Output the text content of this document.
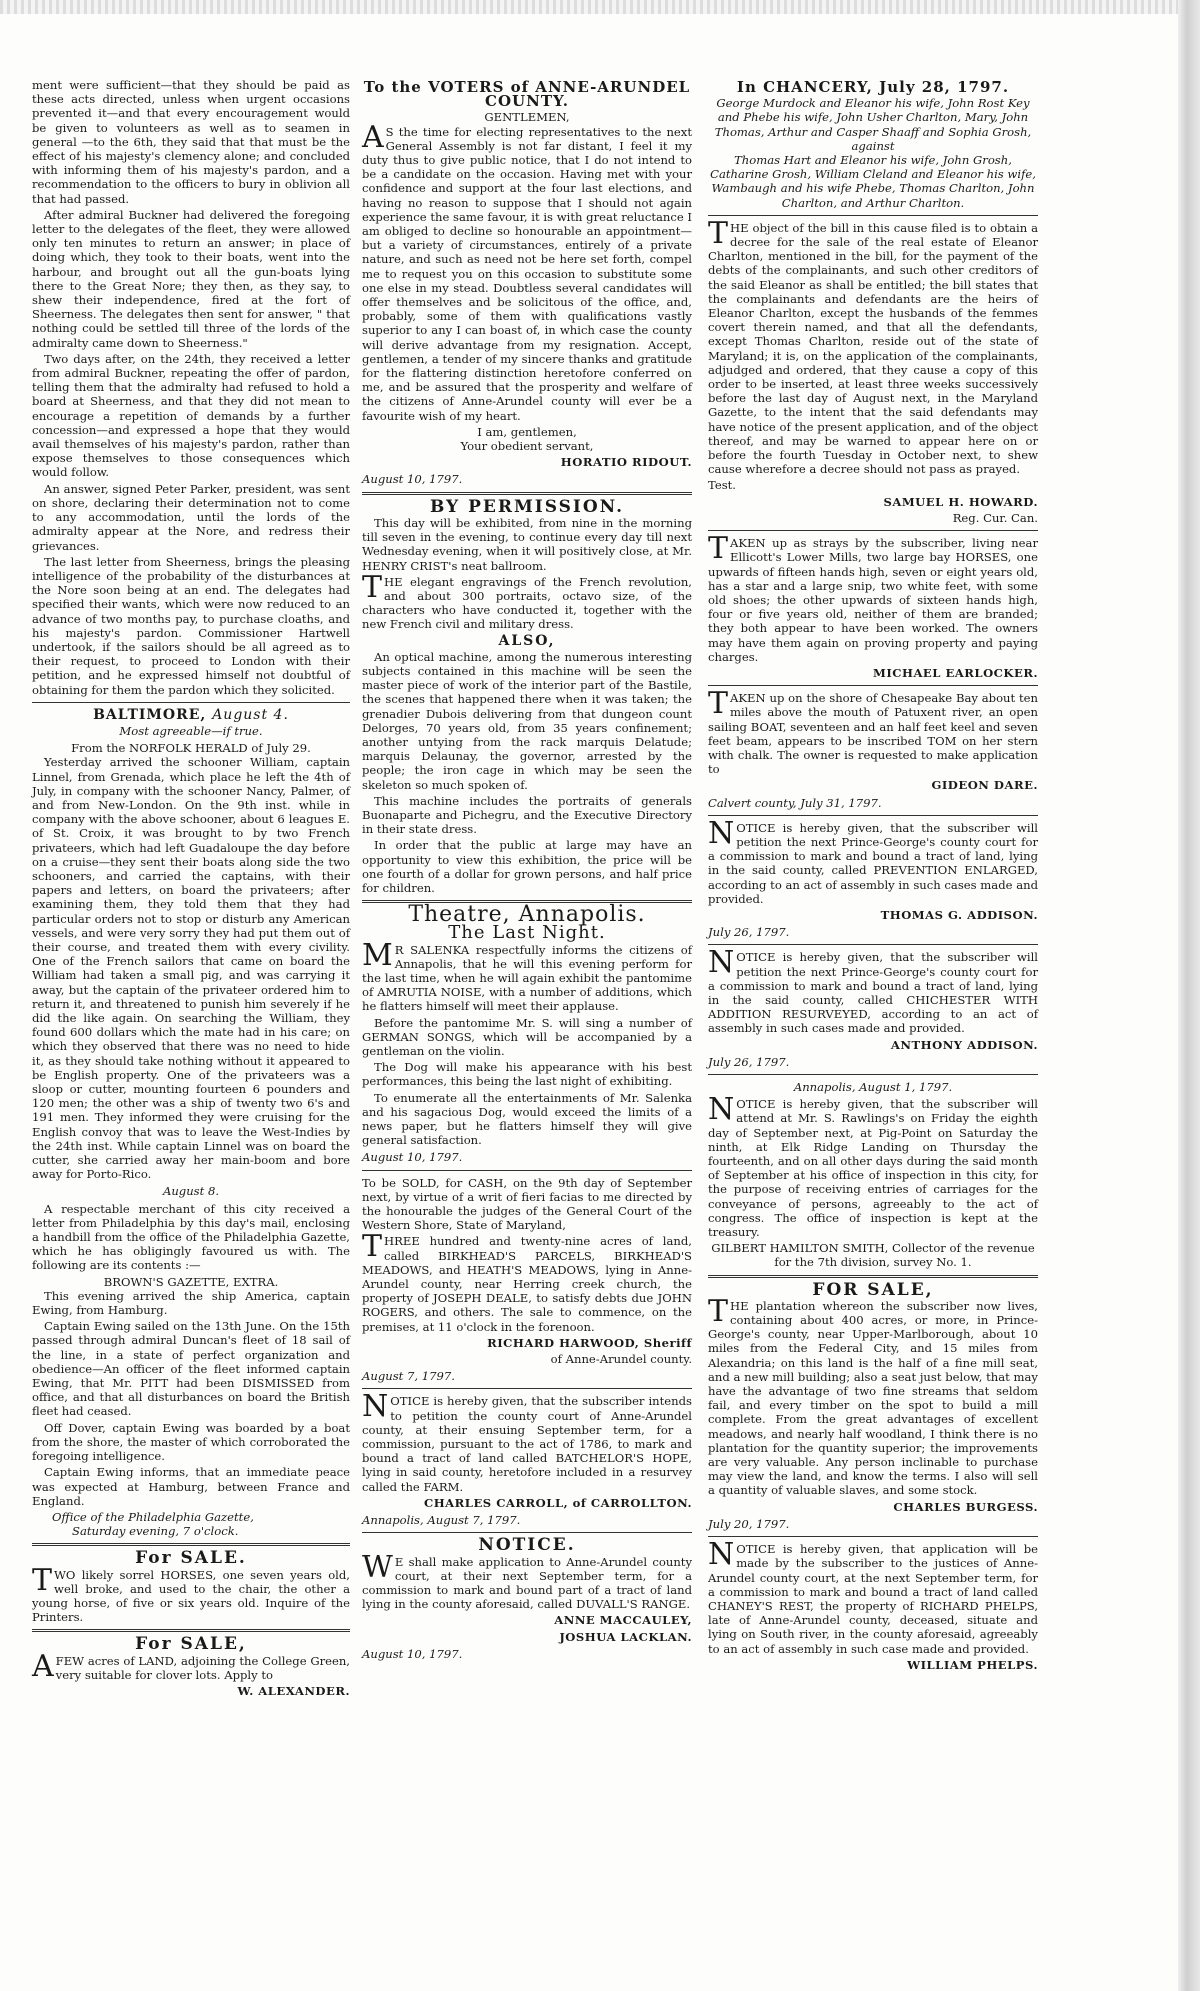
ment were sufficient—that they should be paid as these acts directed, unless when urgent occasions prevented it—and that every encouragement would be given to volunteers as well as to seamen in general —to the 6th, they said that that must be the effect of his majesty's clemency alone; and concluded with informing them of his majesty's pardon, and a recommendation to the officers to bury in oblivion all that had passed.

After admiral Buckner had delivered the foregoing letter to the delegates of the fleet, they were allowed only ten minutes to return an answer; in place of doing which, they took to their boats, went into the harbour, and brought out all the gun-boats lying there to the Great Nore; they then, as they say, to shew their independence, fired at the fort of Sheerness. The delegates then sent for answer, " that nothing could be settled till three of the lords of the admiralty came down to Sheerness."

Two days after, on the 24th, they received a letter from admiral Buckner, repeating the offer of pardon, telling them that the admiralty had refused to hold a board at Sheerness, and that they did not mean to encourage a repetition of demands by a further concession—and expressed a hope that they would avail themselves of his majesty's pardon, rather than expose themselves to those consequences which would follow.

An answer, signed Peter Parker, president, was sent on shore, declaring their determination not to come to any accommodation, until the lords of the admiralty appear at the Nore, and redress their grievances.

The last letter from Sheerness, brings the pleasing intelligence of the probability of the disturbances at the Nore soon being at an end. The delegates had specified their wants, which were now reduced to an advance of two months pay, to purchase cloaths, and his majesty's pardon. Commissioner Hartwell undertook, if the sailors should be all agreed as to their request, to proceed to London with their petition, and he expressed himself not doubtful of obtaining for them the pardon which they solicited.

BALTIMORE, August 4.
Most agreeable—if true.
From the NORFOLK HERALD of July 29.

Yesterday arrived the schooner William, captain Linnel, from Grenada, which place he left the 4th of July, in company with the schooner Nancy, Palmer, of and from New-London. On the 9th inst. while in company with the above schooner, about 6 leagues E. of St. Croix, it was brought to by two French privateers, which had left Guadaloupe the day before on a cruise—they sent their boats along side the two schooners, and carried the captains, with their papers and letters, on board the privateers; after examining them, they told them that they had particular orders not to stop or disturb any American vessels, and were very sorry they had put them out of their course, and treated them with every civility. One of the French sailors that came on board the William had taken a small pig, and was carrying it away, but the captain of the privateer ordered him to return it, and threatened to punish him severely if he did the like again. On searching the William, they found 600 dollars which the mate had in his care; on which they observed that there was no need to hide it, as they should take nothing without it appeared to be English property. One of the privateers was a sloop or cutter, mounting fourteen 6 pounders and 120 men; the other was a ship of twenty two 6's and 191 men. They informed they were cruising for the English convoy that was to leave the West-Indies by the 24th inst. While captain Linnel was on board the cutter, she carried away her main-boom and bore away for Porto-Rico.

August 8.

A respectable merchant of this city received a letter from Philadelphia by this day's mail, enclosing a handbill from the office of the Philadelphia Gazette, which he has obligingly favoured us with. The following are its contents :—

BROWN'S GAZETTE, EXTRA.

This evening arrived the ship America, captain Ewing, from Hamburg.

Captain Ewing sailed on the 13th June. On the 15th passed through admiral Duncan's fleet of 18 sail of the line, in a state of perfect organization and obedience—An officer of the fleet informed captain Ewing, that Mr. PITT had been DISMISSED from office, and that all disturbances on board the British fleet had ceased.

Off Dover, captain Ewing was boarded by a boat from the shore, the master of which corroborated the foregoing intelligence.

Captain Ewing informs, that an immediate peace was expected at Hamburg, between France and England.

Office of the Philadelphia Gazette,
Saturday evening, 7 o'clock.
For SALE.

TWO likely sorrel HORSES, one seven years old, well broke, and used to the chair, the other a young horse, of five or six years old. Inquire of the Printers.

For SALE,

AFEW acres of LAND, adjoining the College Green, very suitable for clover lots. Apply to

W. ALEXANDER.
To the VOTERS of ANNE-ARUNDEL COUNTY.
GENTLEMEN,

AS the time for electing representatives to the next General Assembly is not far distant, I feel it my duty thus to give public notice, that I do not intend to be a candidate on the occasion. Having met with your confidence and support at the four last elections, and having no reason to suppose that I should not again experience the same favour, it is with great reluctance I am obliged to decline so honourable an appointment—but a variety of circumstances, entirely of a private nature, and such as need not be here set forth, compel me to request you on this occasion to substitute some one else in my stead. Doubtless several candidates will offer themselves and be solicitous of the office, and, probably, some of them with qualifications vastly superior to any I can boast of, in which case the county will derive advantage from my resignation. Accept, gentlemen, a tender of my sincere thanks and gratitude for the flattering distinction heretofore conferred on me, and be assured that the prosperity and welfare of the citizens of Anne-Arundel county will ever be a favourite wish of my heart.

I am, gentlemen,
Your obedient servant,
HORATIO RIDOUT.
August 10, 1797.
BY PERMISSION.

This day will be exhibited, from nine in the morning till seven in the evening, to continue every day till next Wednesday evening, when it will positively close, at Mr. HENRY CRIST's neat ballroom.

THE elegant engravings of the French revolution, and about 300 portraits, octavo size, of the characters who have conducted it, together with the new French civil and military dress.

ALSO,

An optical machine, among the numerous interesting subjects contained in this machine will be seen the master piece of work of the interior part of the Bastile, the scenes that happened there when it was taken; the grenadier Dubois delivering from that dungeon count Delorges, 70 years old, from 35 years confinement; another untying from the rack marquis Delatude; marquis Delaunay, the governor, arrested by the people; the iron cage in which may be seen the skeleton so much spoken of.

This machine includes the portraits of generals Buonaparte and Pichegru, and the Executive Directory in their state dress.

In order that the public at large may have an opportunity to view this exhibition, the price will be one fourth of a dollar for grown persons, and half price for children.

Theatre, Annapolis.
The Last Night.

MR SALENKA respectfully informs the citizens of Annapolis, that he will this evening perform for the last time, when he will again exhibit the pantomime of AMRUTIA NOISE, with a number of additions, which he flatters himself will meet their applause.

Before the pantomime Mr. S. will sing a number of GERMAN SONGS, which will be accompanied by a gentleman on the violin.

The Dog will make his appearance with his best performances, this being the last night of exhibiting.

To enumerate all the entertainments of Mr. Salenka and his sagacious Dog, would exceed the limits of a news paper, but he flatters himself they will give general satisfaction.

August 10, 1797.

To be SOLD, for CASH, on the 9th day of September next, by virtue of a writ of fieri facias to me directed by the honourable the judges of the General Court of the Western Shore, State of Maryland,

THREE hundred and twenty-nine acres of land, called BIRKHEAD'S PARCELS, BIRKHEAD'S MEADOWS, and HEATH'S MEADOWS, lying in Anne-Arundel county, near Herring creek church, the property of JOSEPH DEALE, to satisfy debts due JOHN ROGERS, and others. The sale to commence, on the premises, at 11 o'clock in the forenoon.

RICHARD HARWOOD, Sheriff
of Anne-Arundel county.
August 7, 1797.

NOTICE is hereby given, that the subscriber intends to petition the county court of Anne-Arundel county, at their ensuing September term, for a commission, pursuant to the act of 1786, to mark and bound a tract of land called BATCHELOR'S HOPE, lying in said county, heretofore included in a resurvey called the FARM.

CHARLES CARROLL, of CARROLLTON.
Annapolis, August 7, 1797.
NOTICE.

WE shall make application to Anne-Arundel county court, at their next September term, for a commission to mark and bound part of a tract of land lying in the county aforesaid, called DUVALL'S RANGE.

ANNE MACCAULEY,
JOSHUA LACKLAN.
August 10, 1797.
In CHANCERY, July 28, 1797.
George Murdock and Eleanor his wife, John Rost Key and Phebe his wife, John Usher Charlton, Mary, John Thomas, Arthur and Casper Shaaff and Sophia Grosh,
against
Thomas Hart and Eleanor his wife, John Grosh, Catharine Grosh, William Cleland and Eleanor his wife, Wambaugh and his wife Phebe, Thomas Charlton, John Charlton, and Arthur Charlton.

THE object of the bill in this cause filed is to obtain a decree for the sale of the real estate of Eleanor Charlton, mentioned in the bill, for the payment of the debts of the complainants, and such other creditors of the said Eleanor as shall be entitled; the bill states that the complainants and defendants are the heirs of Eleanor Charlton, except the husbands of the femmes covert therein named, and that all the defendants, except Thomas Charlton, reside out of the state of Maryland; it is, on the application of the complainants, adjudged and ordered, that they cause a copy of this order to be inserted, at least three weeks successively before the last day of August next, in the Maryland Gazette, to the intent that the said defendants may have notice of the present application, and of the object thereof, and may be warned to appear here on or before the fourth Tuesday in October next, to shew cause wherefore a decree should not pass as prayed.

Test.
SAMUEL H. HOWARD.
Reg. Cur. Can.

TAKEN up as strays by the subscriber, living near Ellicott's Lower Mills, two large bay HORSES, one upwards of fifteen hands high, seven or eight years old, has a star and a large snip, two white feet, with some old shoes; the other upwards of sixteen hands high, four or five years old, neither of them are branded; they both appear to have been worked. The owners may have them again on proving property and paying charges.

MICHAEL EARLOCKER.

TAKEN up on the shore of Chesapeake Bay about ten miles above the mouth of Patuxent river, an open sailing BOAT, seventeen and an half feet keel and seven feet beam, appears to be inscribed TOM on her stern with chalk. The owner is requested to make application to

GIDEON DARE.
Calvert county, July 31, 1797.

NOTICE is hereby given, that the subscriber will petition the next Prince-George's county court for a commission to mark and bound a tract of land, lying in the said county, called PREVENTION ENLARGED, according to an act of assembly in such cases made and provided.

THOMAS G. ADDISON.
July 26, 1797.

NOTICE is hereby given, that the subscriber will petition the next Prince-George's county court for a commission to mark and bound a tract of land, lying in the said county, called CHICHESTER WITH ADDITION RESURVEYED, according to an act of assembly in such cases made and provided.

ANTHONY ADDISON.
July 26, 1797.
Annapolis, August 1, 1797.

NOTICE is hereby given, that the subscriber will attend at Mr. S. Rawlings's on Friday the eighth day of September next, at Pig-Point on Saturday the ninth, at Elk Ridge Landing on Thursday the fourteenth, and on all other days during the said month of September at his office of inspection in this city, for the purpose of receiving entries of carriages for the conveyance of persons, agreeably to the act of congress. The office of inspection is kept at the treasury.

GILBERT HAMILTON SMITH, Collector of the revenue for the 7th division, survey No. 1.
FOR SALE,

THE plantation whereon the subscriber now lives, containing about 400 acres, or more, in Prince-George's county, near Upper-Marlborough, about 10 miles from the Federal City, and 15 miles from Alexandria; on this land is the half of a fine mill seat, and a new mill building; also a seat just below, that may have the advantage of two fine streams that seldom fail, and every timber on the spot to build a mill complete. From the great advantages of excellent meadows, and nearly half woodland, I think there is no plantation for the quantity superior; the improvements are very valuable. Any person inclinable to purchase may view the land, and know the terms. I also will sell a quantity of valuable slaves, and some stock.

CHARLES BURGESS.
July 20, 1797.

NOTICE is hereby given, that application will be made by the subscriber to the justices of Anne-Arundel county court, at the next September term, for a commission to mark and bound a tract of land called CHANEY'S REST, the property of RICHARD PHELPS, late of Anne-Arundel county, deceased, situate and lying on South river, in the county aforesaid, agreeably to an act of assembly in such case made and provided.

WILLIAM PHELPS.
